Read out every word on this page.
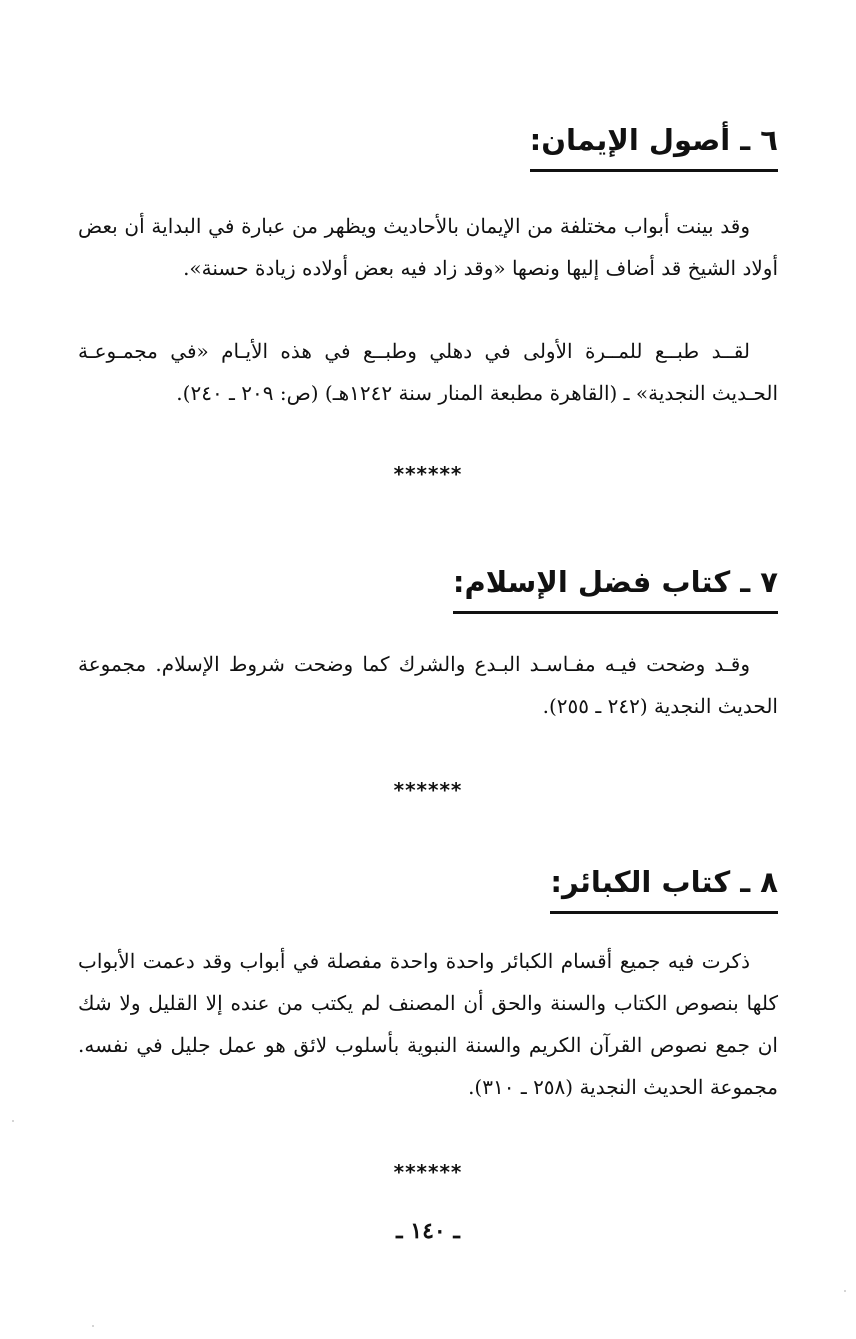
٦ ـ أصول الإيمان:

وقد بينت أبواب مختلفة من الإيمان بالأحاديث ويظهر من عبارة في البداية أن بعض أولاد الشيخ قد أضاف إليها ونصها «وقد زاد فيه بعض أولاده زيادة حسنة».

لقــد طبــع للمــرة الأولى في دهلي وطبــع في هذه الأيـام «في مجمـوعـة الحـديث النجدية» ـ (القاهرة مطبعة المنار سنة ١٢٤٢هـ) (ص: ٢٠٩ ـ ٢٤٠).

******
٧ ـ كتاب فضل الإسلام:

وقـد وضحت فيـه مفـاسـد البـدع والشرك كما وضحت شروط الإسلام. مجموعة الحديث النجدية (٢٤٢ ـ ٢٥٥).

******
٨ ـ كتاب الكبائر:

ذكرت فيه جميع أقسام الكبائر واحدة واحدة مفصلة في أبواب وقد دعمت الأبواب كلها بنصوص الكتاب والسنة والحق أن المصنف لم يكتب من عنده إلا القليل ولا شك ان جمع نصوص القرآن الكريم والسنة النبوية بأسلوب لائق هو عمل جليل في نفسه. مجموعة الحديث النجدية (٢٥٨ ـ ٣١٠).

******
ـ ١٤٠ ـ
